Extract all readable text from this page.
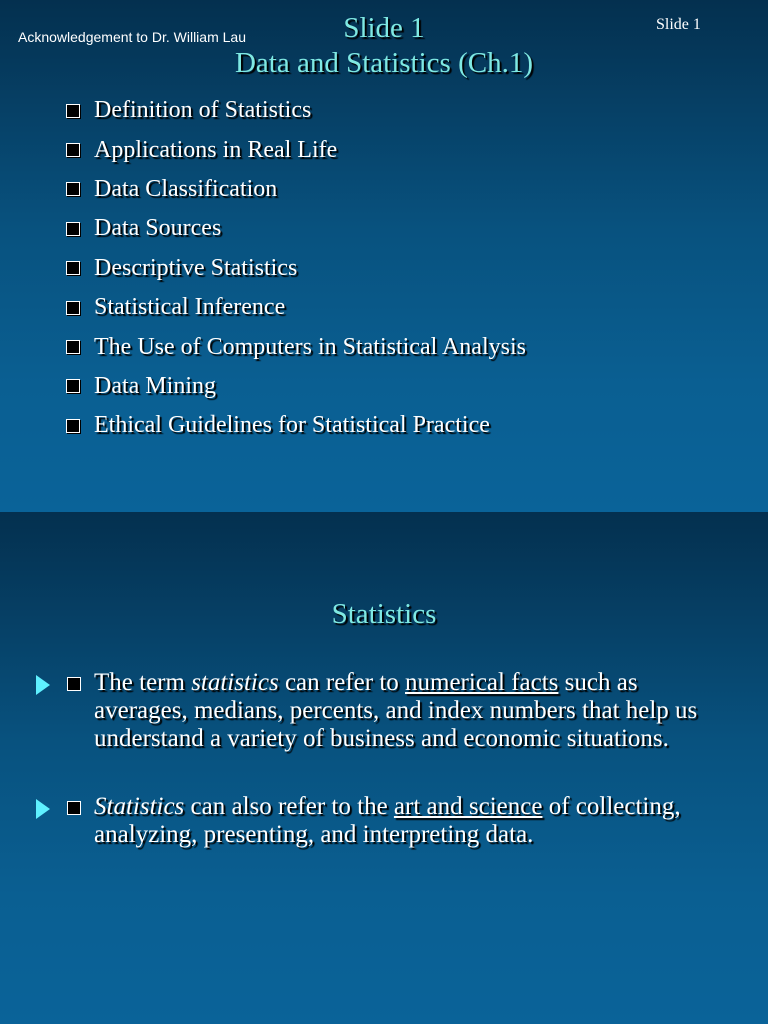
Slide 1
Data and Statistics (Ch.1)
Definition of Statistics
Applications in Real Life
Data Classification
Data Sources
Descriptive Statistics
Statistical Inference
The Use of Computers in Statistical Analysis
Data Mining
Ethical Guidelines for Statistical Practice
Acknowledgement to Dr. William Lau
Slide 1
Statistics
The term statistics can refer to numerical facts such as averages, medians, percents, and index numbers that help us understand a variety of business and economic situations.
Statistics can also refer to the art and science of collecting, analyzing, presenting, and interpreting data.
